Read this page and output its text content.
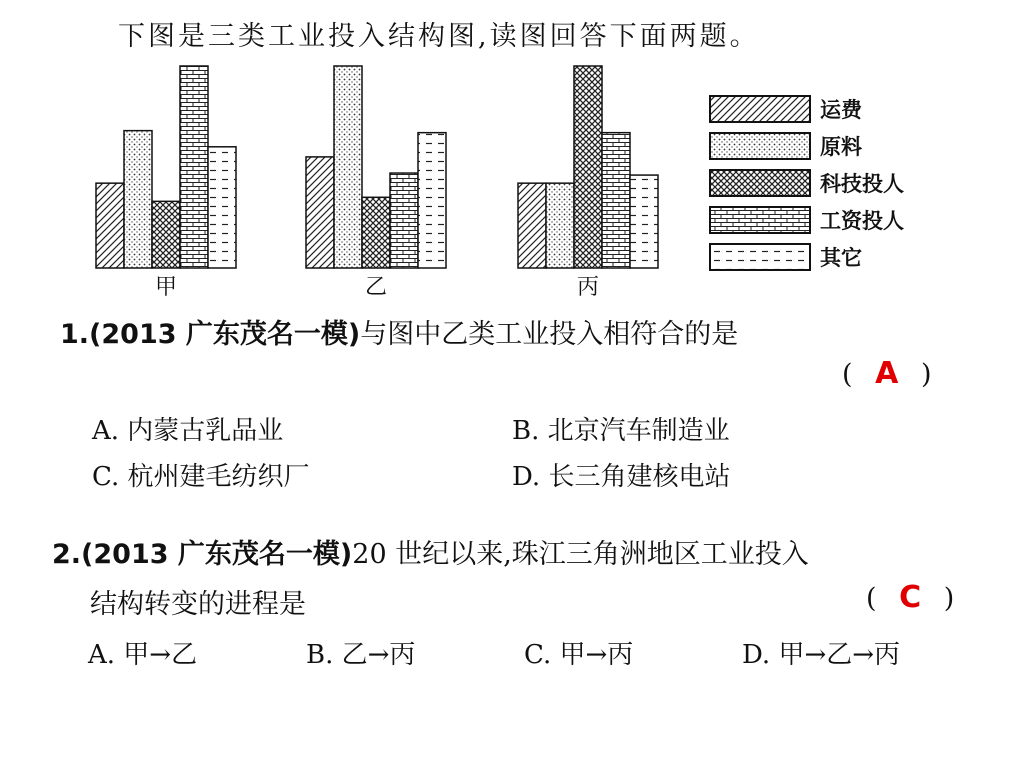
下图是三类工业投入结构图,读图回答下面两题。
甲	乙	丙
运费
原料
科技投人
工资投人
其它
1.(2013 广东茂名一模)与图中乙类工业投入相符合的是
( A )
A. 内蒙古乳品业	B. 北京汽车制造业
C. 杭州建毛纺织厂	D. 长三角建核电站
2.(2013 广东茂名一模)20 世纪以来,珠江三角洲地区工业投入
结构转变的进程是	( C )
A. 甲→乙	B. 乙→丙	C. 甲→丙	D. 甲→乙→丙
